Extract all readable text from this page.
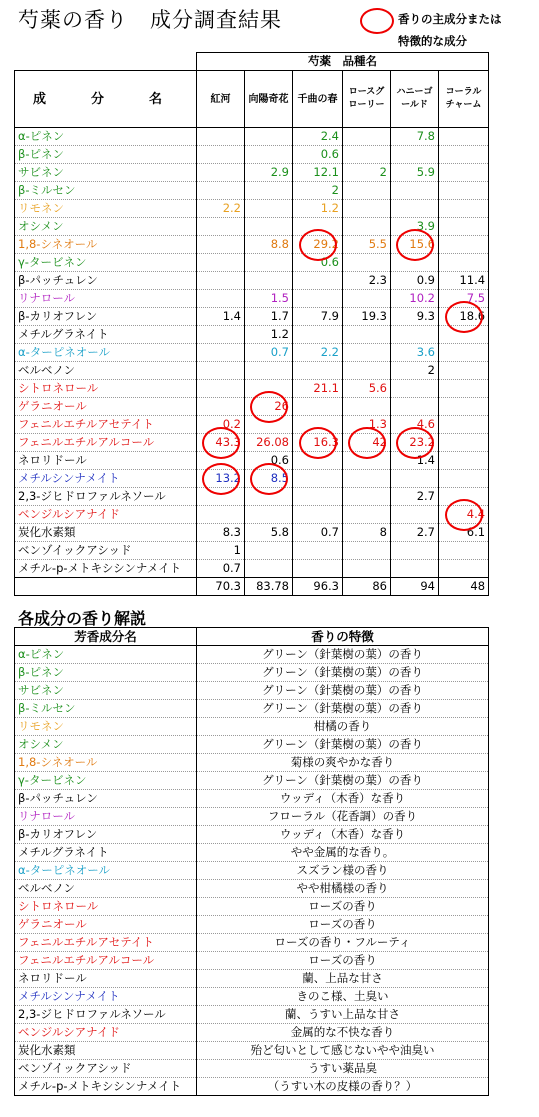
芍薬の香り　成分調査結果	香りの主成分または
特徴的な成分
	芍薬　品種名					
成　分　名	紅河	向陽奇花	千曲の春	ロースグローリー	ハニーゴールド	コーラルチャーム
α-ピネン			2.4		7.8	
β-ピネン			0.6			
サビネン		2.9	12.1	2	5.9	
β-ミルセン			2			
リモネン	2.2		1.2			
オシメン					3.9	
1,8-シネオール		8.8	29.2	5.5	15.6	
γ-タービネン			0.6			
β-パッチュレン				2.3	0.9	11.4
リナロール		1.5			10.2	7.5
β-カリオフレン	1.4	1.7	7.9	19.3	9.3	18.6
メチルグラネイト		1.2				
α-ターピネオール		0.7	2.2		3.6	
ベルベノン					2	
シトロネロール			21.1	5.6		
ゲラニオール		26				
フェニルエチルアセテイト	0.2			1.3	4.6	
フェニルエチルアルコール	43.3	26.08	16.3	42	23.2	
ネロリドール		0.6			1.4	
メチルシンナメイト	13.2	8.5				
2,3-ジヒドロファルネソール					2.7	
ベンジルシアナイド						4.4
炭化水素類	8.3	5.8	0.7	8	2.7	6.1
ベンゾイックアシッド	1					
メチル-p-メトキシシンナメイト	0.7					
	70.3	83.78	96.3	86	94	48
各成分の香り解説
芳香成分名	香りの特徴
α-ピネン	グリーン（針葉樹の葉）の香り
β-ピネン	グリーン（針葉樹の葉）の香り
サビネン	グリーン（針葉樹の葉）の香り
β-ミルセン	グリーン（針葉樹の葉）の香り
リモネン	柑橘の香り
オシメン	グリーン（針葉樹の葉）の香り
1,8-シネオール	菊様の爽やかな香り
γ-タービネン	グリーン（針葉樹の葉）の香り
β-パッチュレン	ウッディ（木香）な香り
リナロール	フローラル（花香調）の香り
β-カリオフレン	ウッディ（木香）な香り
メチルグラネイト	やや金属的な香り。
α-ターピネオール	スズラン様の香り
ベルベノン	やや柑橘様の香り
シトロネロール	ローズの香り
ゲラニオール	ローズの香り
フェニルエチルアセテイト	ローズの香り・フルーティ
フェニルエチルアルコール	ローズの香り
ネロリドール	蘭、上品な甘さ
メチルシンナメイト	きのこ様、土臭い
2,3-ジヒドロファルネソール	蘭、うすい上品な甘さ
ベンジルシアナイド	金属的な不快な香り
炭化水素類	殆ど匂いとして感じないやや油臭い
ベンゾイックアシッド	うすい薬品臭
メチル-p-メトキシシンナメイト	（うすい木の皮様の香り？）
